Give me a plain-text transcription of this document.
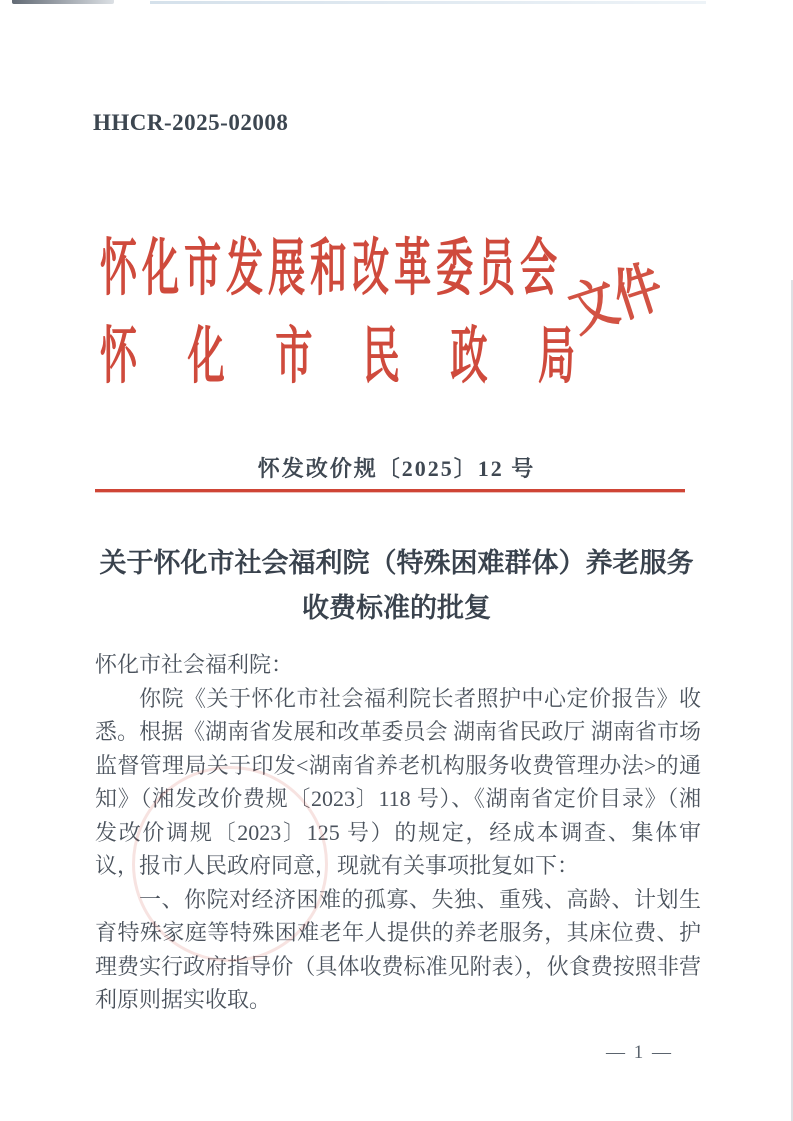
HHCR-2025-02008
怀化市发展和改革委员会
怀化市民政局
文件
怀发改价规〔2025〕12 号
关于怀化市社会福利院（特殊困难群体）养老服务
收费标准的批复

怀化市社会福利院：

你院《关于怀化市社会福利院长者照护中心定价报告》收悉。根据《湖南省发展和改革委员会 湖南省民政厅 湖南省市场监督管理局关于印发<湖南省养老机构服务收费管理办法>的通知》（湘发改价费规〔2023〕118 号）、《湖南省定价目录》（湘发改价调规〔2023〕125 号）的规定，经成本调查、集体审议，报市人民政府同意，现就有关事项批复如下：

一、你院对经济困难的孤寡、失独、重残、高龄、计划生育特殊家庭等特殊困难老年人提供的养老服务，其床位费、护理费实行政府指导价（具体收费标准见附表），伙食费按照非营利原则据实收取。

— 1 —
